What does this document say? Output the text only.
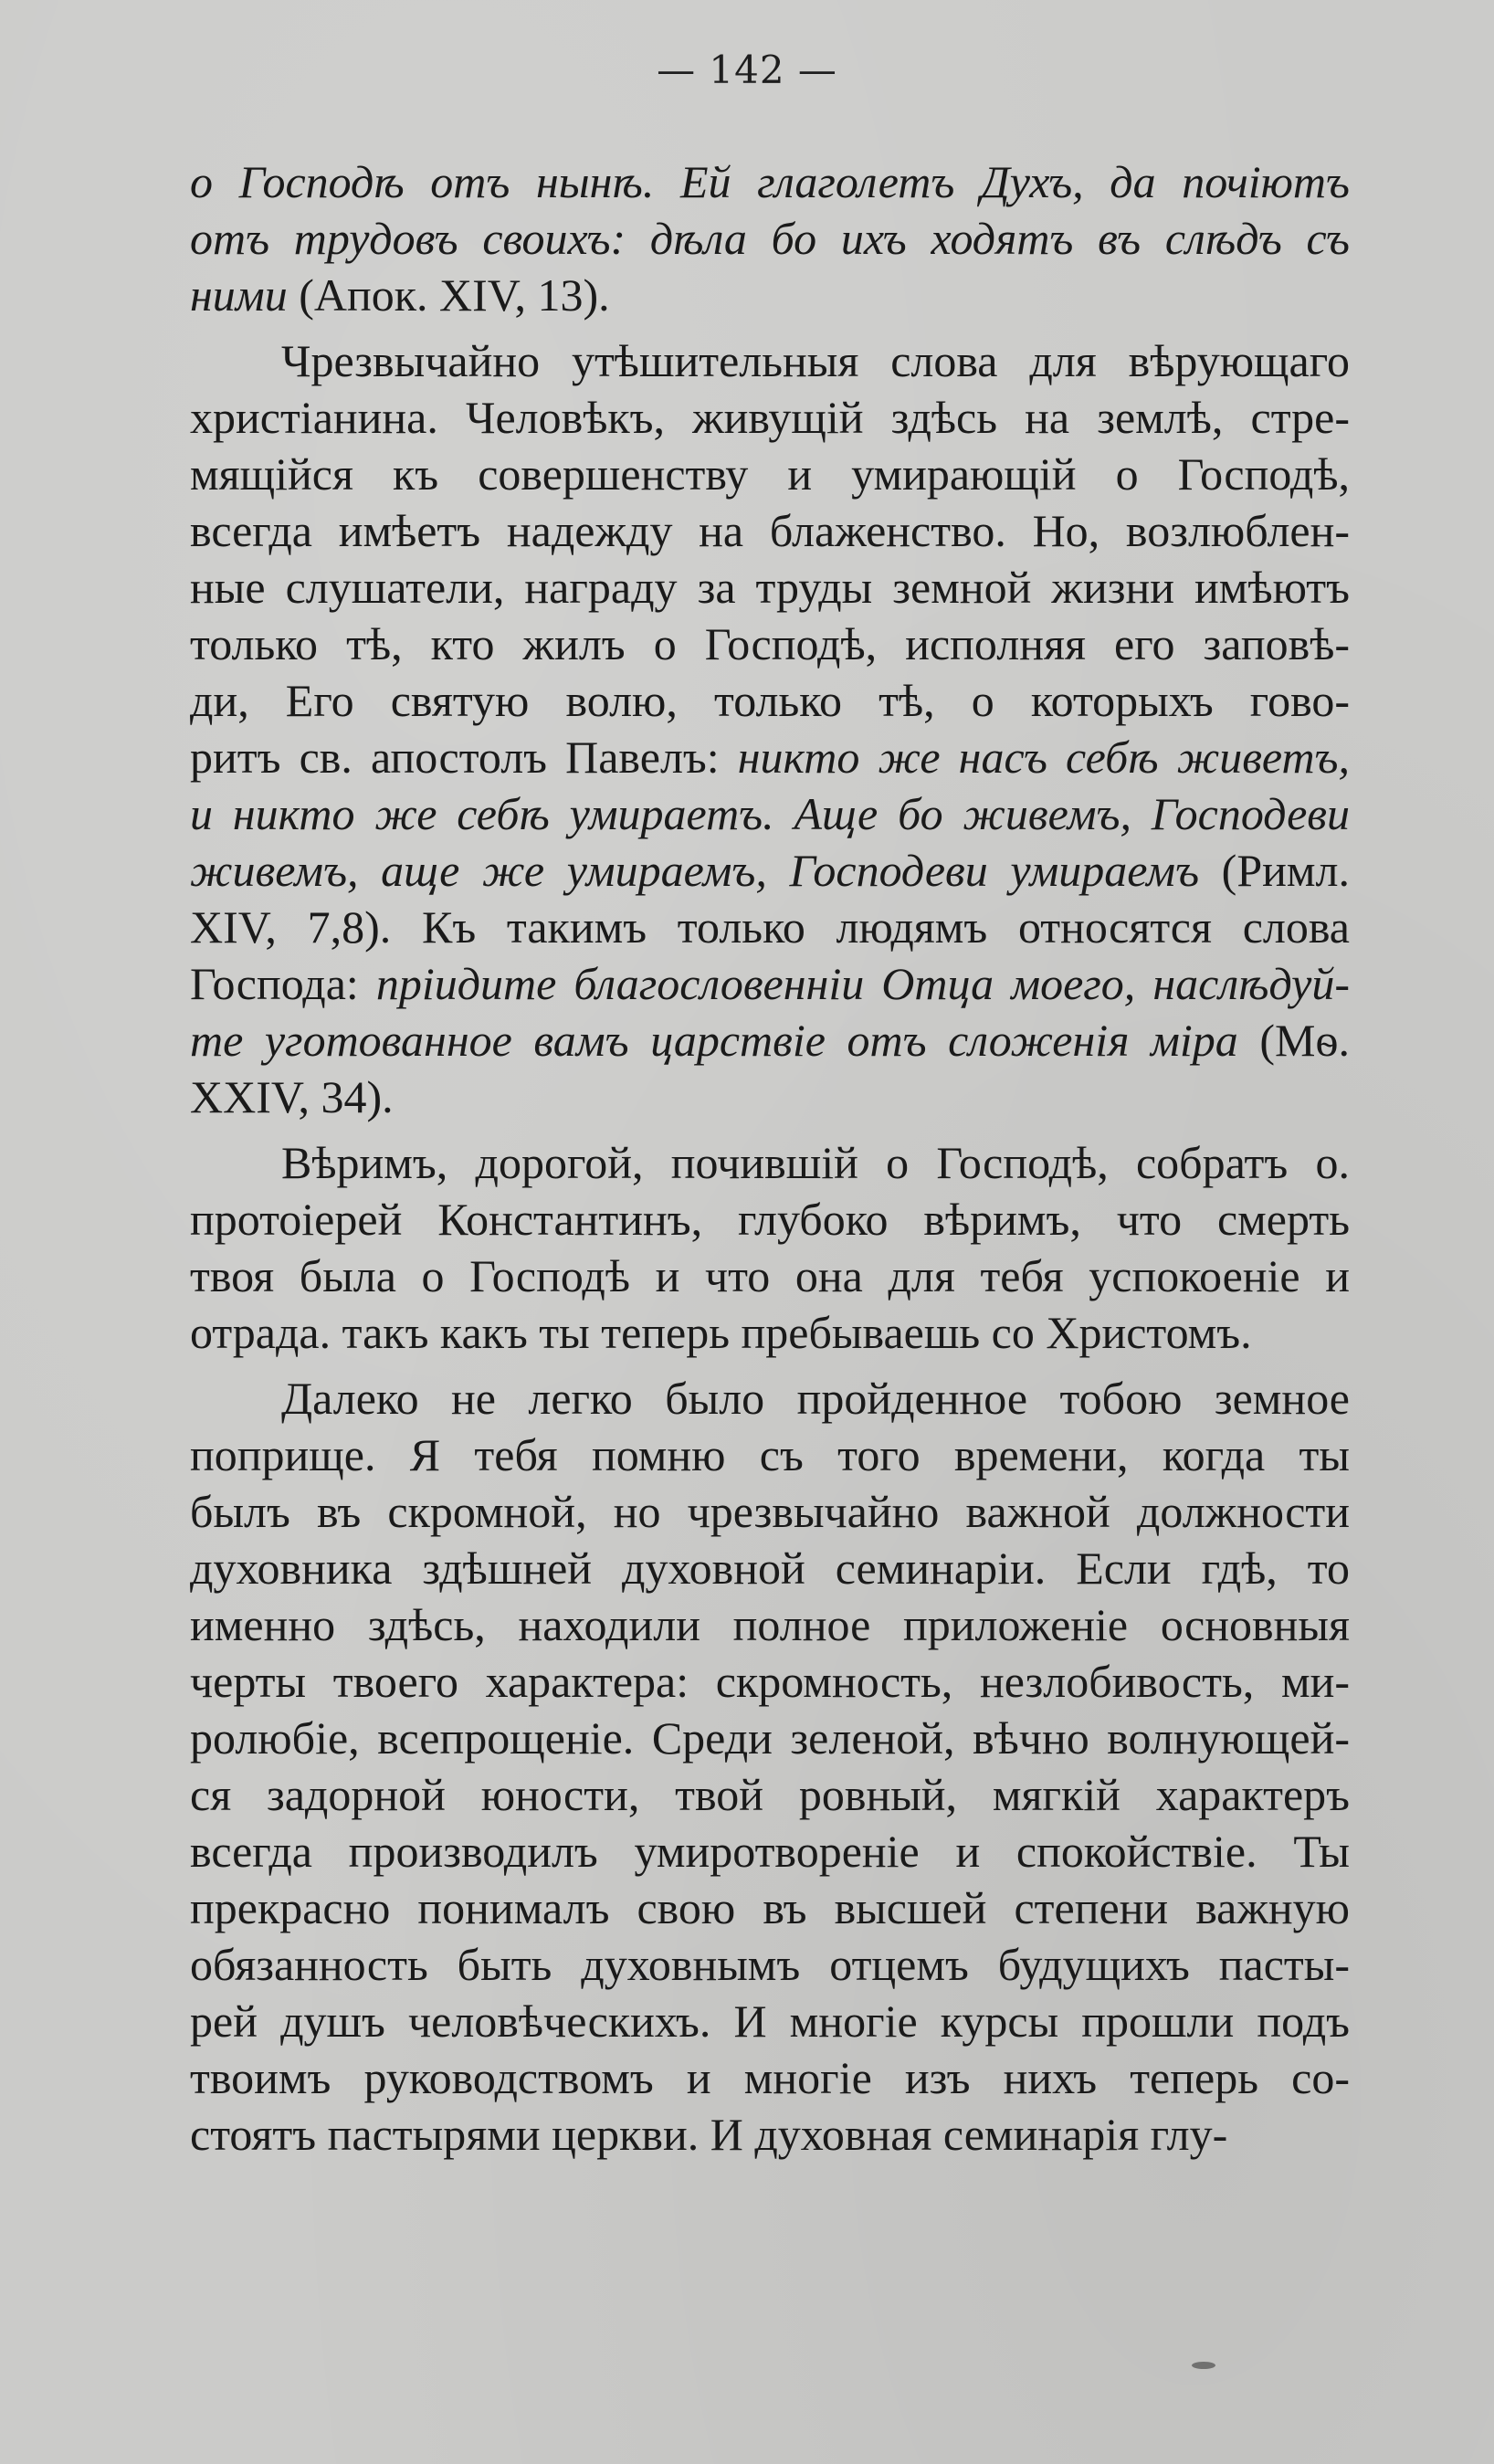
— 142 —
о Господѣ отъ нынѣ. Ей глаголетъ Духъ, да почіютъ
отъ трудовъ своихъ: дѣла бо ихъ ходятъ въ слѣдъ съ
ними (Апок. XIV, 13).
Чрезвычайно утѣшительныя слова для вѣрующаго
христіанина. Человѣкъ, живущій здѣсь на землѣ, стре-
мящійся къ совершенству и умирающій о Господѣ,
всегда имѣетъ надежду на блаженство. Но, возлюблен-
ные слушатели, награду за труды земной жизни имѣютъ
только тѣ, кто жилъ о Господѣ, исполняя его заповѣ-
ди, Его святую волю, только тѣ, о которыхъ гово-
ритъ св. апостолъ Павелъ: никто же насъ себѣ живетъ,
и никто же себѣ умираетъ. Аще бо живемъ, Господеви
живемъ, аще же умираемъ, Господеви умираемъ (Римл.
XIV, 7,8). Къ такимъ только людямъ относятся слова
Господа: пріидите благословенніи Отца моего, наслѣдуй-
те уготованное вамъ царствіе отъ сложенія міра (Мѳ.
XXIV, 34).
Вѣримъ, дорогой, почившій о Господѣ, собратъ о.
протоіерей Константинъ, глубоко вѣримъ, что смерть
твоя была о Господѣ и что она для тебя успокоеніе и
отрада. такъ какъ ты теперь пребываешь со Христомъ.
Далеко не легко было пройденное тобою земное
поприще. Я тебя помню съ того времени, когда ты
былъ въ скромной, но чрезвычайно важной должности
духовника здѣшней духовной семинаріи. Если гдѣ, то
именно здѣсь, находили полное приложеніе основныя
черты твоего характера: скромность, незлобивость, ми-
ролюбіе, всепрощеніе. Среди зеленой, вѣчно волнующей-
ся задорной юности, твой ровный, мягкій характеръ
всегда производилъ умиротвореніе и спокойствіе. Ты
прекрасно понималъ свою въ высшей степени важную
обязанность быть духовнымъ отцемъ будущихъ пасты-
рей душъ человѣческихъ. И многіе курсы прошли подъ
твоимъ руководствомъ и многіе изъ нихъ теперь со-
стоятъ пастырями церкви. И духовная семинарія глу-
